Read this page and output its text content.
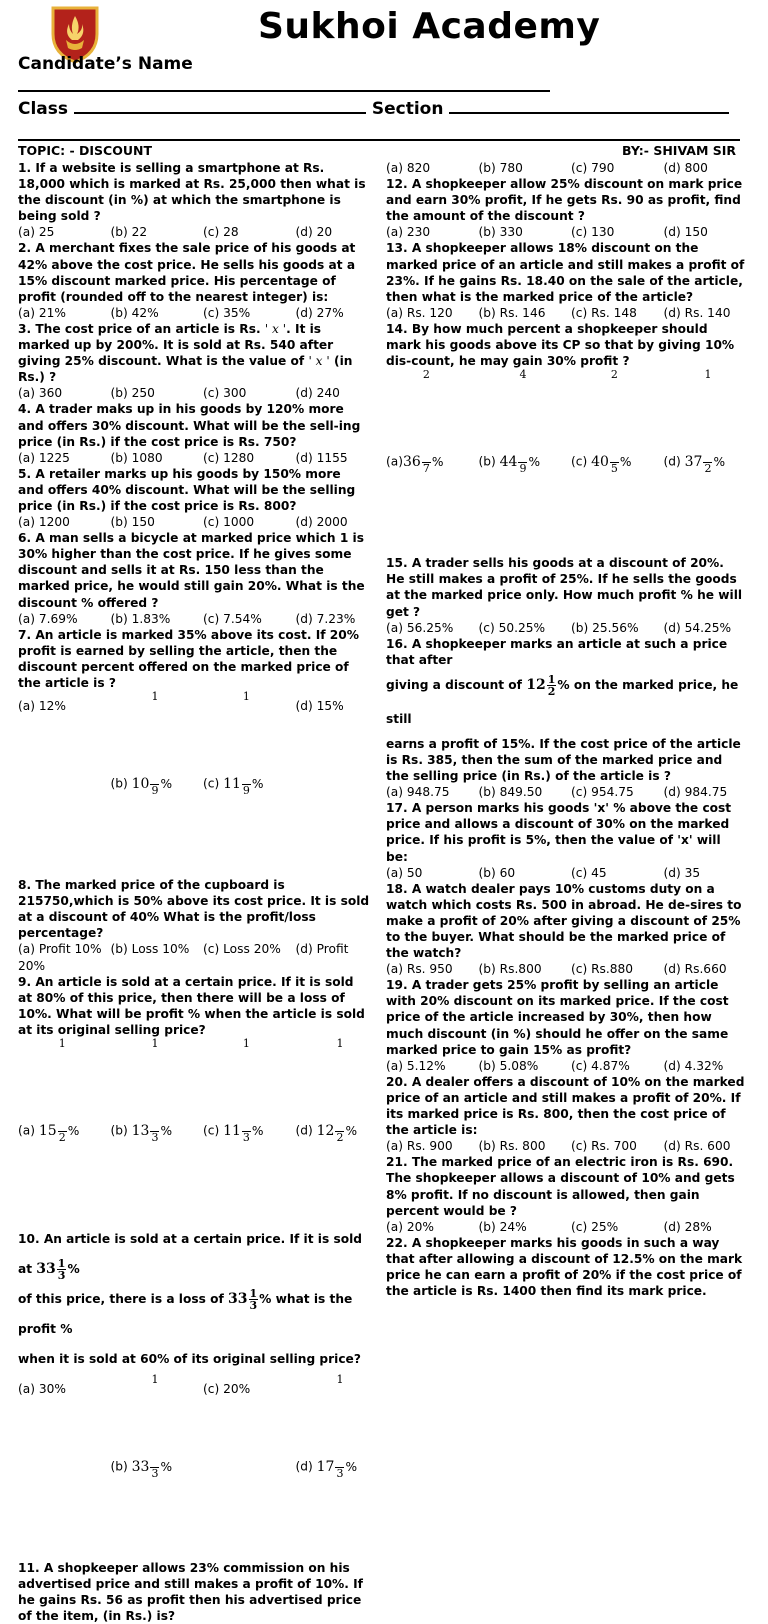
Sukhoi Academy
Candidate’s Name
Class	Section
TOPIC: - DISCOUNT	BY:- SHIVAM SIR

1. If a website is selling a smartphone at Rs. 18,000 which is marked at Rs. 25,000 then what is the discount (in %) at which the smartphone is being sold ?

(a) 25	(b) 22	(c) 28	(d) 20

2. A merchant fixes the sale price of his goods at 42% above the cost price. He sells his goods at a 15% discount marked price. His percentage of profit (rounded off to the nearest integer) is:

(a) 21%	(b) 42%	(c) 35%	(d) 27%

3. The cost price of an article is Rs. ' x '. It is marked up by 200%. It is sold at Rs. 540 after giving 25% discount. What is the value of ' x ' (in Rs.) ?

(a) 360	(b) 250	(c) 300	(d) 240

4. A trader maks up in his goods by 120% more and offers 30% discount. What will be the sell-ing price (in Rs.) if the cost price is Rs. 750?

(a) 1225	(b) 1080	(c) 1280	(d) 1155

5. A retailer marks up his goods by 150% more and offers 40% discount. What will be the selling price (in Rs.) if the cost price is Rs. 800?

(a) 1200	(b) 150	(c) 1000	(d) 2000

6. A man sells a bicycle at marked price which 1 is 30% higher than the cost price. If he gives some discount and sells it at Rs. 150 less than the marked price, he would still gain 20%. What is the discount % offered ?

(a) 7.69%	(b) 1.83%	(c) 7.54%	(d) 7.23%

7. An article is marked 35% above its cost. If 20% profit is earned by selling the article, then the discount percent offered on the marked price of the article is ?

(a) 12%
(b) $10 \frac{1}{9}$ %	(c) $11 \frac{1}{9}$ %
(d) 15%

8. The marked price of the cupboard is 215750,which is 50% above its cost price. It is sold at a discount of 40% What is the profit/loss percentage?

(a) Profit 10% (b) Loss 10%	(c) Loss 20%	(d) Profit
20%

9. An article is sold at a certain price. If it is sold at 80% of this price, then there will be a loss of 10%. What will be profit % when the article is sold at its original selling price?

(a) $15 \frac{1}{2}$ %	(b) $13 \frac{1}{3}$ %	(c) $11 \frac{1}{3}$ %	(d) $12 \frac{1}{2}$ %

10. An article is sold at a certain price. If it is sold at $33 \frac{1}{3}$ %
of this price, there is a loss of $33 \frac{1}{3}$ % what is the profit %
when it is sold at 60% of its original selling price?

(a) 30%
(b) $33 \frac{1}{3}$ %
(c) 20%
(d) $17 \frac{1}{3}$ %

11. A shopkeeper allows 23% commission on his advertised price and still makes a profit of 10%. If he gains Rs. 56 as profit then his advertised price of the item, (in Rs.) is?

(a) 820	(b) 780	(c) 790	(d) 800

12. A shopkeeper allow 25% discount on mark price and earn 30% profit, If he gets Rs. 90 as profit, find the amount of the discount ?

(a) 230	(b) 330	(c) 130	(d) 150

13. A shopkeeper allows 18% discount on the marked price of an article and still makes a profit of 23%. If he gains Rs. 18.40 on the sale of the article, then what is the marked price of the article?

(a) Rs. 120	(b) Rs. 146	(c) Rs. 148	(d) Rs. 140

14. By how much percent a shopkeeper should mark his goods above its CP so that by giving 10% dis-count, he may gain 30% profit ?

$(a)36 \frac{2}{7}$ %	(b) $44 \frac{4}{9}$ %	(c) $40 \frac{2}{5}$ %	(d) $37 \frac{1}{2}$ %

15. A trader sells his goods at a discount of 20%. He still makes a profit of 25%. If he sells the goods at the marked price only. How much profit % he will get ?

(a) 56.25%	(c) 50.25%	(b) 25.56%	(d) 54.25%

16. A shopkeeper marks an article at such a price that after
giving a discount of $12 \frac{1}{2}$ % on the marked price, he still
earns a profit of 15%. If the cost price of the article is Rs. 385, then the sum of the marked price and the selling price (in Rs.) of the article is ?

(a) 948.75	(b) 849.50	(c) 954.75	(d) 984.75

17. A person marks his goods 'x' % above the cost price and allows a discount of 30% on the marked price. If his profit is 5%, then the value of 'x' will be:

(a) 50	(b) 60	(c) 45	(d) 35

18. A watch dealer pays 10% customs duty on a watch which costs Rs. 500 in abroad. He de-sires to make a profit of 20% after giving a discount of 25% to the buyer. What should be the marked price of the watch?

(a) Rs. 950	(b) Rs.800	(c) Rs.880	(d) Rs.660

19. A trader gets 25% profit by selling an article with 20% discount on its marked price. If the cost price of the article increased by 30%, then how much discount (in %) should he offer on the same marked price to gain 15% as profit?

(a) 5.12%	(b) 5.08%	(c) 4.87%	(d) 4.32%

20. A dealer offers a discount of 10% on the marked price of an article and still makes a profit of 20%. If its marked price is Rs. 800, then the cost price of the article is:

(a) Rs. 900	(b) Rs. 800	(c) Rs. 700	(d) Rs. 600

21. The marked price of an electric iron is Rs. 690. The shopkeeper allows a discount of 10% and gets 8% profit. If no discount is allowed, then gain percent would be ?

(a) 20%	(b) 24%	(c) 25%	(d) 28%

22. A shopkeeper marks his goods in such a way that after allowing a discount of 12.5% on the mark price he can earn a profit of 20% if the cost price of the article is Rs. 1400 then find its mark price.
